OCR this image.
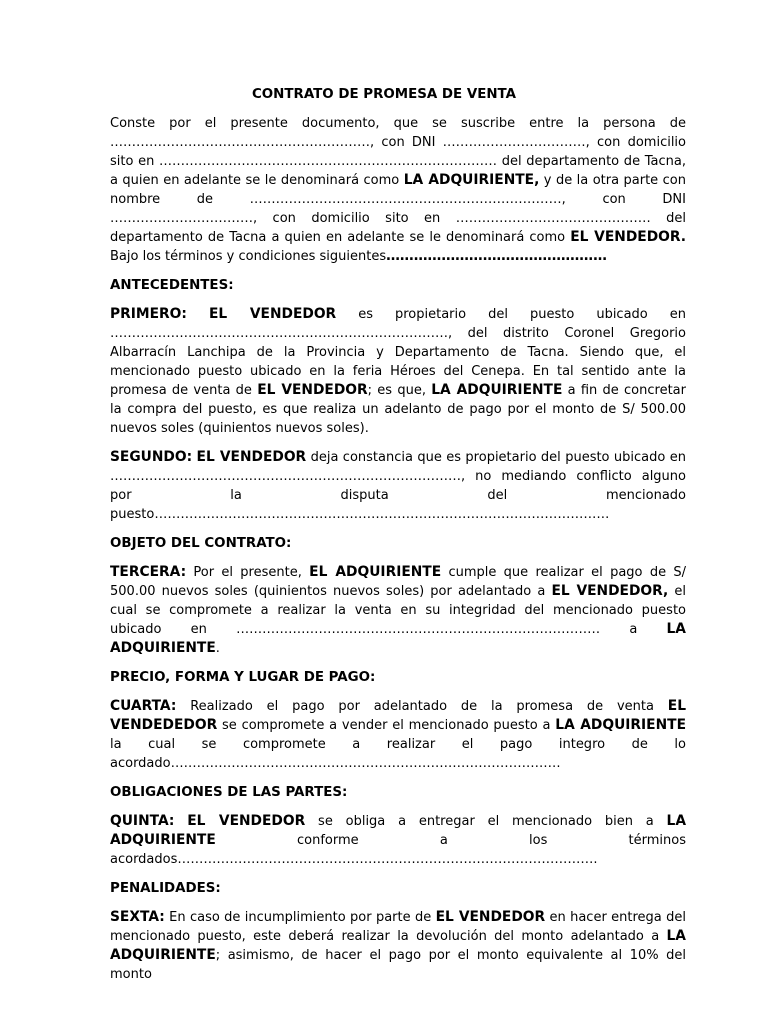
CONTRATO DE PROMESA DE VENTA

Conste por el presente documento, que se suscribe entre la persona de ……………………………………………………, con DNI ……………………………, con domicilio sito en …………………………………………………………………… del departamento de Tacna, a quien en adelante se le denominará como LA ADQUIRIENTE, y de la otra parte con nombre de ………………………………………………………………, con DNI ……………………………, con domicilio sito en ……………………………………… del departamento de Tacna a quien en adelante se le denominará como EL VENDEDOR. Bajo los términos y condiciones siguientes…………………………………………

ANTECEDENTES:

PRIMERO: EL VENDEDOR es propietario del puesto ubicado en ……………………………………………………………………, del distrito Coronel Gregorio Albarracín Lanchipa de la Provincia y Departamento de Tacna. Siendo que, el mencionado puesto ubicado en la feria Héroes del Cenepa. En tal sentido ante la promesa de venta de EL VENDEDOR; es que, LA ADQUIRIENTE a fin de concretar la compra del puesto, es que realiza un adelanto de pago por el monto de S/ 500.00 nuevos soles (quinientos nuevos soles).

SEGUNDO: EL VENDEDOR deja constancia que es propietario del puesto ubicado en ………………………………………………………………………, no mediando conflicto alguno por la disputa del mencionado puesto……………………………………………………………………………………………

OBJETO DEL CONTRATO:

TERCERA: Por el presente, EL ADQUIRIENTE cumple que realizar el pago de S/ 500.00 nuevos soles (quinientos nuevos soles) por adelantado a EL VENDEDOR, el cual se compromete a realizar la venta en su integridad del mencionado puesto ubicado en ………………………………………………………………………… a LA ADQUIRIENTE.

PRECIO, FORMA Y LUGAR DE PAGO:

CUARTA: Realizado el pago por adelantado de la promesa de venta EL VENDEDEDOR se compromete a vender el mencionado puesto a LA ADQUIRIENTE la cual se compromete a realizar el pago integro de lo acordado………………………………………………………………………………

OBLIGACIONES DE LAS PARTES:

QUINTA: EL VENDEDOR se obliga a entregar el mencionado bien a LA ADQUIRIENTE conforme a los términos acordados…………………………………………………………………………………….

PENALIDADES:

SEXTA: En caso de incumplimiento por parte de EL VENDEDOR en hacer entrega del mencionado puesto, este deberá realizar la devolución del monto adelantado a LA ADQUIRIENTE; asimismo, de hacer el pago por el monto equivalente al 10% del monto
